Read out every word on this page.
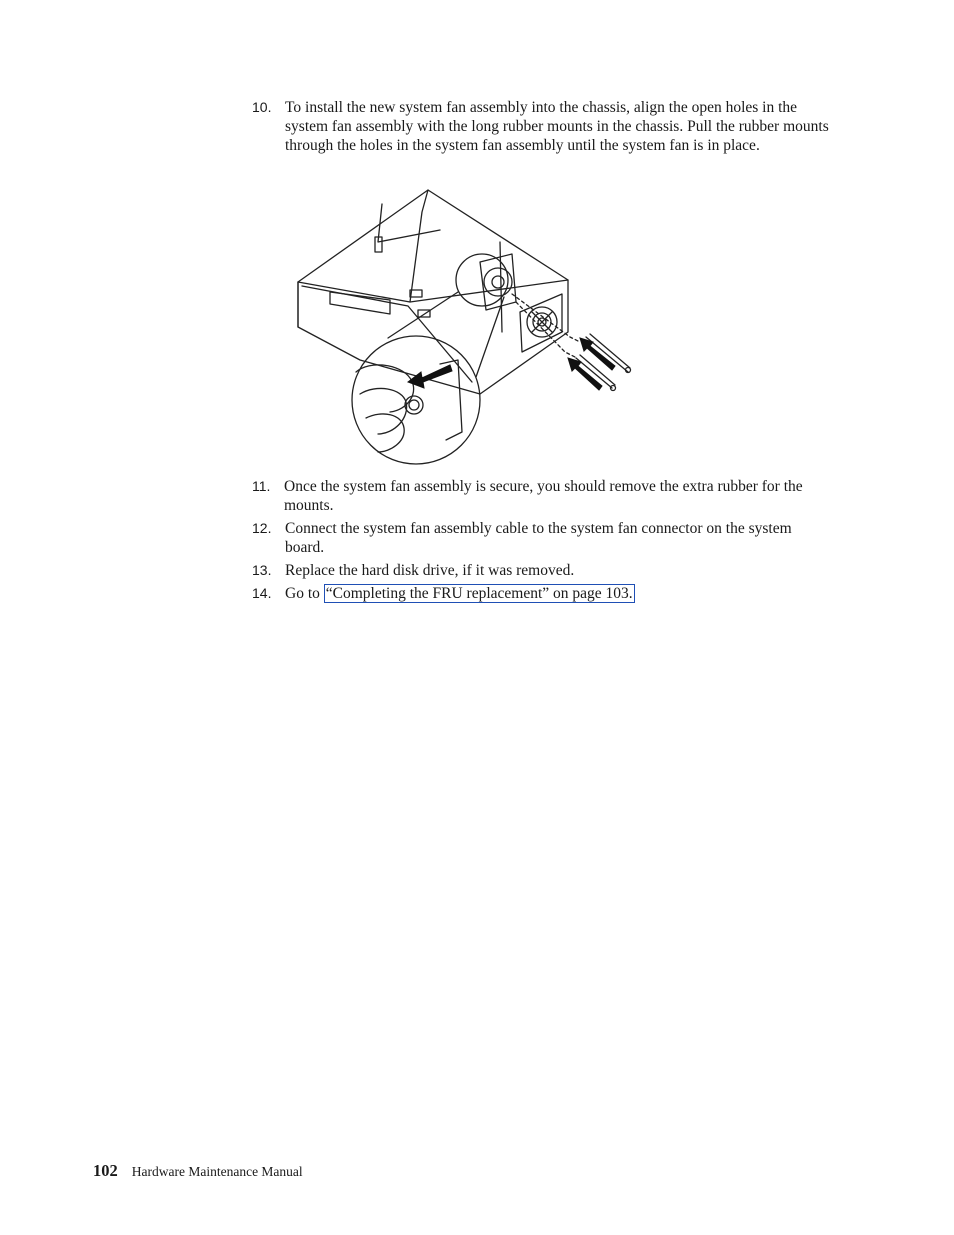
10. To install the new system fan assembly into the chassis, align the open holes in the system fan assembly with the long rubber mounts in the chassis. Pull the rubber mounts through the holes in the system fan assembly until the system fan is in place.
11. Once the system fan assembly is secure, you should remove the extra rubber for the mounts.
12. Connect the system fan assembly cable to the system fan connector on the system board.
13. Replace the hard disk drive, if it was removed.
14. Go to “Completing the FRU replacement” on page 103.
102 Hardware Maintenance Manual
